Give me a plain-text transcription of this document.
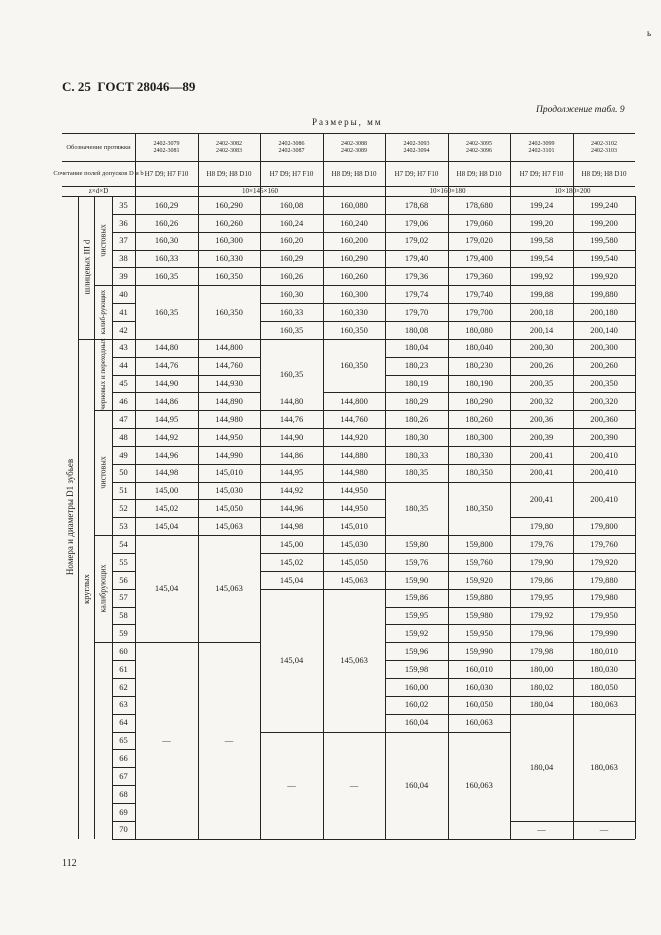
С. 25 ГОСТ 28046—89
Размеры, мм
Продолжение табл. 9
ь
Обозначение протяжки
Сочетание полей допусков D и b
z×d×D
2402-3079
2402-3081
H7 D9; H7 F10
2402-3082
2402-3083
H8 D9; H8 D10
2402-3086
2402-3087
H7 D9; H7 F10
2402-3088
2402-3089
H8 D9; H8 D10
2402-3093
2402-3094
H7 D9; H7 F10
2402-3095
2402-3096
H8 D9; H8 D10
2402-3099
2402-3101
H7 D9; H7 F10
2402-3102
2402-3103
H8 D9; H8 D10
10×145×160	10×160×180	10×180×200
35
36
37
38
39
40
41
42
43
44
45
46
47
48
49
50
51
52
53
54
55
56
57
58
59
60
61
62
63
64
65
66
67
68
69
70
Номера и диаметры D1 зубьев
шлицевых III d
круглых
чистовых
калиб-рующих
черновых и переходных
чистовых
калибрующих
160,29
160,26
160,30
160,33
160,35
160,35
144,80
144,76
144,90
144,86
144,95
144,92
144,96
144,98
145,00
145,02
145,04
145,04
—
160,290
160,260
160,300
160,330
160,350
160,350
144,800
144,760
144,930
144,890
144,980
144,950
144,990
145,010
145,030
145,050
145,063
145,063
—
160,08
160,24
160,20
160,29
160,26
160,30
160,33
160,35
160,35
144,76
144,90
144,86
144,95
144,92
144,96
144,98
145,00
145,02
145,04
145,04
—
144,80
160,080
160,240
160,200
160,290
160,260
160,300
160,330
160,350
160,350
144,800
144,760
144,920
144,880
144,980
144,950
144,950
145,010
145,030
145,050
145,063
145,063
—
178,68
179,06
179,02
179,40
179,36
179,74
179,70
180,08
180,04
180,23
180,19
180,29
180,26
180,30
180,33
180,35
180,35
159,80
159,76
159,90
159,86
159,95
159,92
159,96
159,98
160,00
160,02
160,04
160,04
178,680
179,060
179,020
179,400
179,360
179,740
179,700
180,080
180,040
180,230
180,190
180,290
180,260
180,300
180,330
180,350
180,350
159,800
159,760
159,920
159,880
159,980
159,950
159,990
160,010
160,030
160,050
160,063
160,063
199,24
199,20
199,58
199,54
199,92
199,88
200,18
200,14
200,30
200,26
200,35
200,32
200,36
200,39
200,41
200,41
200,41
179,80
179,76
179,90
179,86
179,95
179,92
179,96
179,98
180,00
180,02
180,04
180,04
—
199,240
199,200
199,580
199,540
199,920
199,880
200,180
200,140
200,300
200,260
200,350
200,320
200,360
200,390
200,410
200,410
200,410
179,800
179,760
179,920
179,880
179,980
179,950
179,990
180,010
180,030
180,050
180,063
180,063
—
112
